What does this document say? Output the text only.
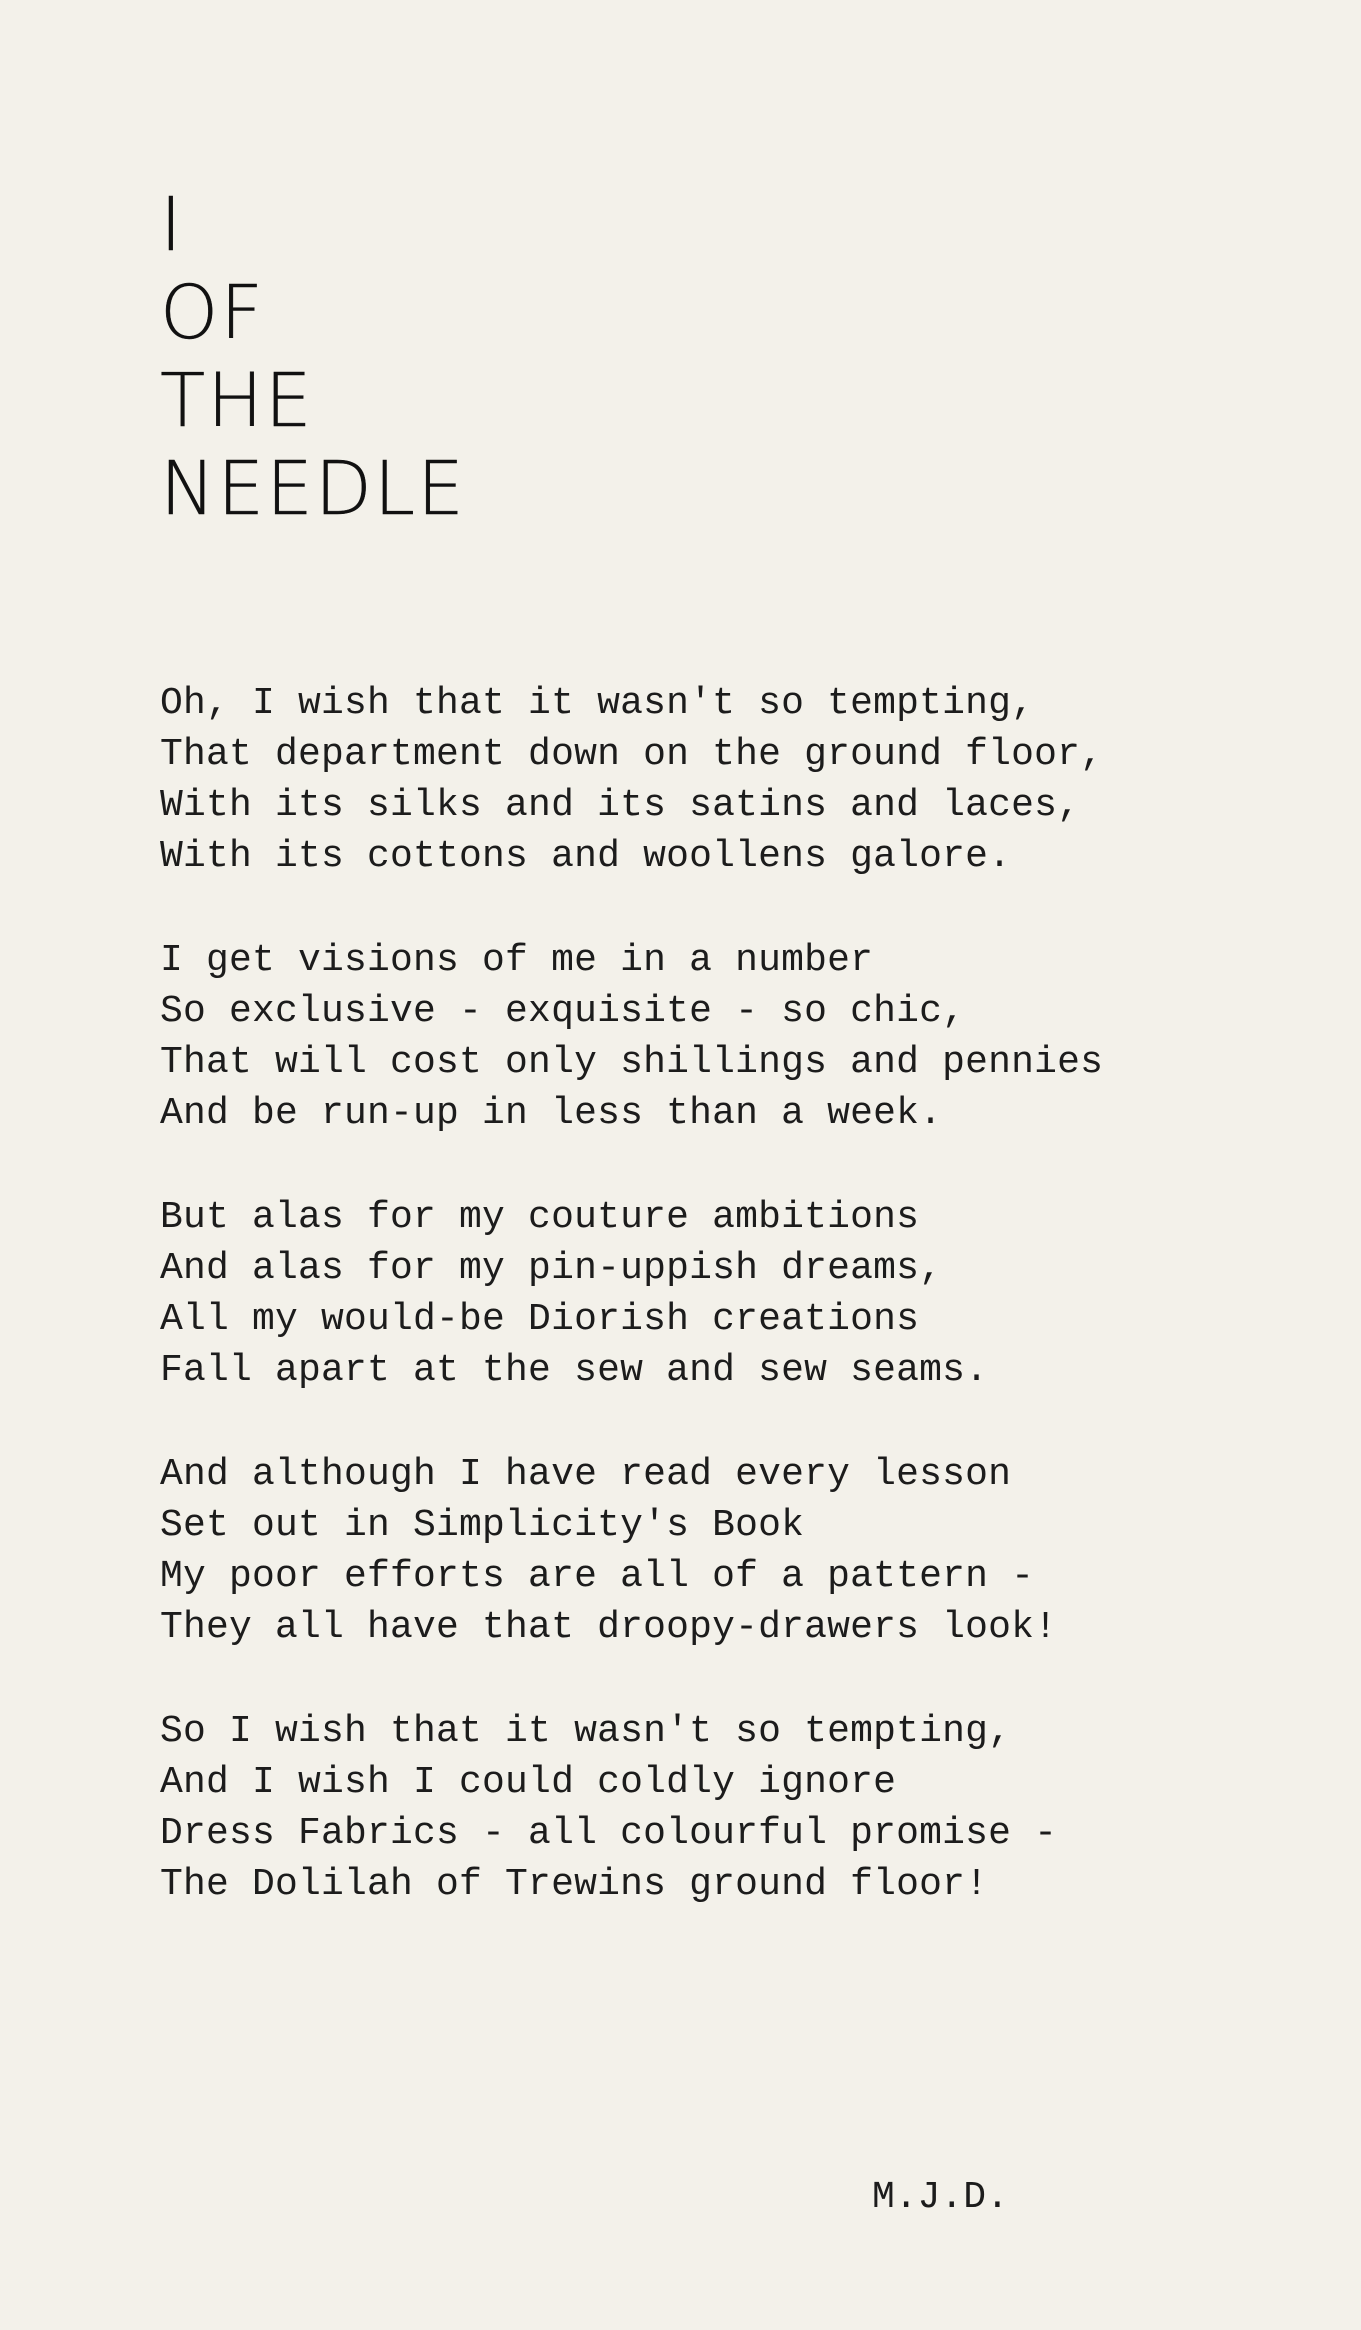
I
OF
THE
NEEDLE
Oh, I wish that it wasn't so tempting,
That department down on the ground floor,
With its silks and its satins and laces,
With its cottons and woollens galore.
I get visions of me in a number
So exclusive - exquisite - so chic,
That will cost only shillings and pennies
And be run-up in less than a week.
But alas for my couture ambitions
And alas for my pin-uppish dreams,
All my would-be Diorish creations
Fall apart at the sew and sew seams.
And although I have read every lesson
Set out in Simplicity's Book
My poor efforts are all of a pattern -
They all have that droopy-drawers look!
So I wish that it wasn't so tempting,
And I wish I could coldly ignore
Dress Fabrics - all colourful promise -
The Dolilah of Trewins ground floor!
M.J.D.
